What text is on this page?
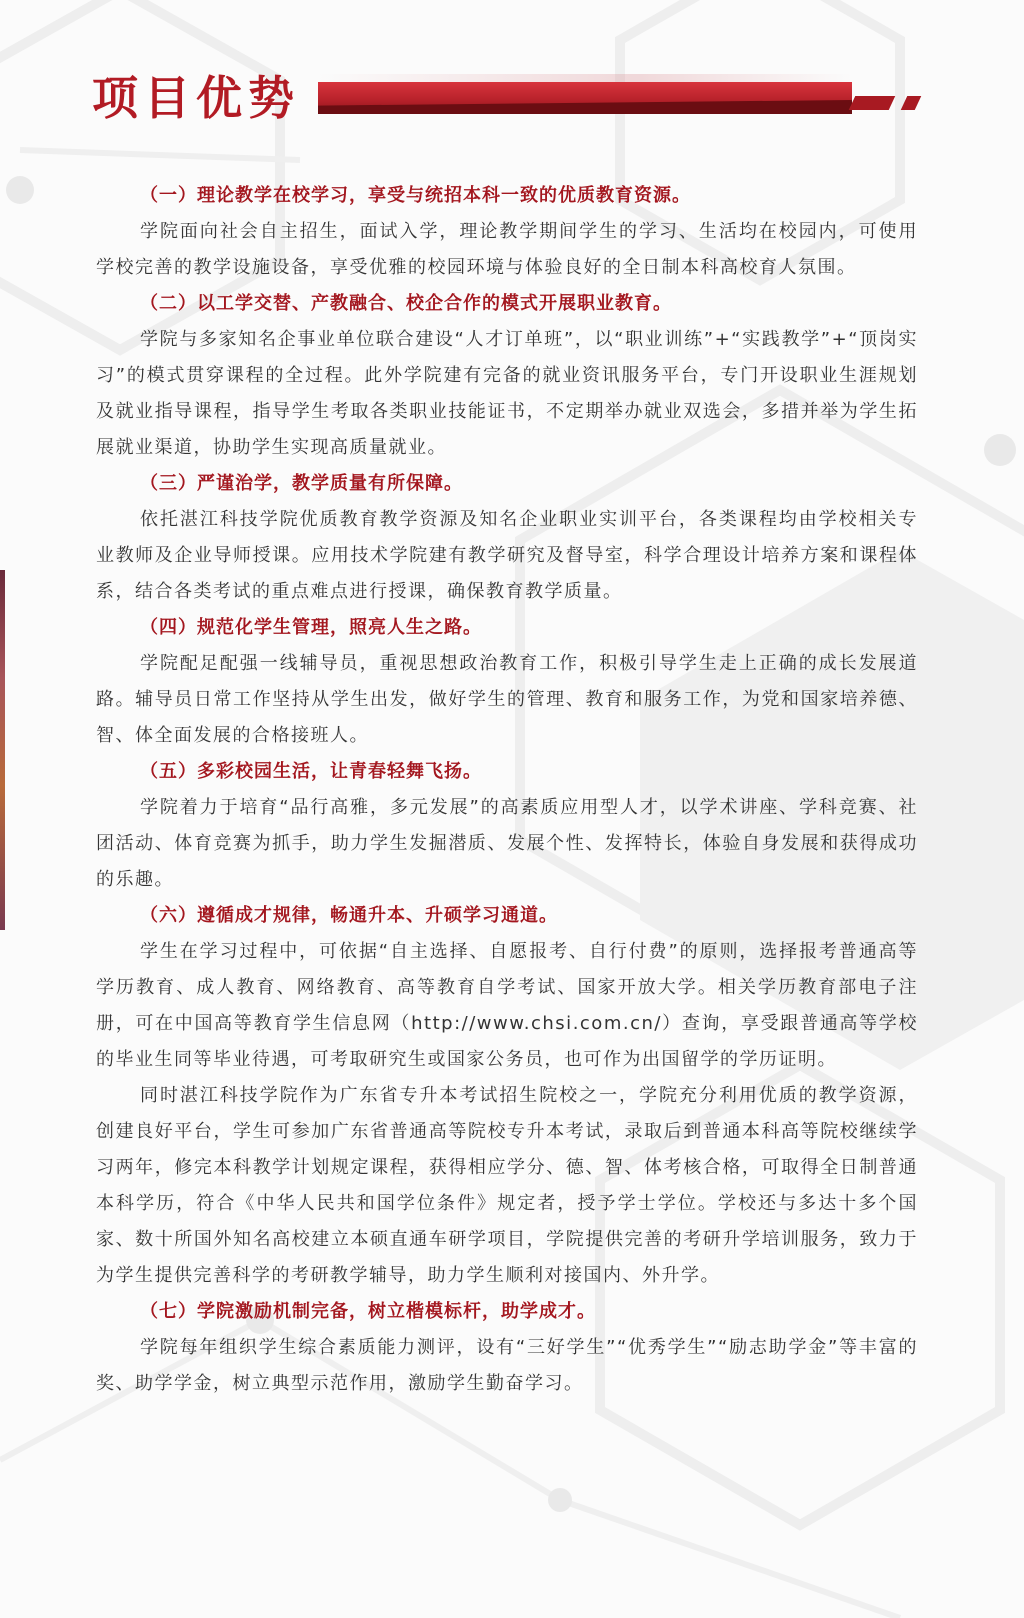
项目优势

（一）理论教学在校学习，享受与统招本科一致的优质教育资源。

学院面向社会自主招生，面试入学，理论教学期间学生的学习、生活均在校园内，可使用学校完善的教学设施设备，享受优雅的校园环境与体验良好的全日制本科高校育人氛围。

（二）以工学交替、产教融合、校企合作的模式开展职业教育。

学院与多家知名企事业单位联合建设“人才订单班”，以“职业训练”+“实践教学”+“顶岗实习”的模式贯穿课程的全过程。此外学院建有完备的就业资讯服务平台，专门开设职业生涯规划及就业指导课程，指导学生考取各类职业技能证书，不定期举办就业双选会，多措并举为学生拓展就业渠道，协助学生实现高质量就业。

（三）严谨治学，教学质量有所保障。

依托湛江科技学院优质教育教学资源及知名企业职业实训平台，各类课程均由学校相关专业教师及企业导师授课。应用技术学院建有教学研究及督导室，科学合理设计培养方案和课程体系，结合各类考试的重点难点进行授课，确保教育教学质量。

（四）规范化学生管理，照亮人生之路。

学院配足配强一线辅导员，重视思想政治教育工作，积极引导学生走上正确的成长发展道路。辅导员日常工作坚持从学生出发，做好学生的管理、教育和服务工作，为党和国家培养德、智、体全面发展的合格接班人。

（五）多彩校园生活，让青春轻舞飞扬。

学院着力于培育“品行高雅，多元发展”的高素质应用型人才，以学术讲座、学科竞赛、社团活动、体育竞赛为抓手，助力学生发掘潜质、发展个性、发挥特长，体验自身发展和获得成功的乐趣。

（六）遵循成才规律，畅通升本、升硕学习通道。

学生在学习过程中，可依据“自主选择、自愿报考、自行付费”的原则，选择报考普通高等学历教育、成人教育、网络教育、高等教育自学考试、国家开放大学。相关学历教育部电子注册，可在中国高等教育学生信息网（http://www.chsi.com.cn/）查询，享受跟普通高等学校的毕业生同等毕业待遇，可考取研究生或国家公务员，也可作为出国留学的学历证明。

同时湛江科技学院作为广东省专升本考试招生院校之一，学院充分利用优质的教学资源，创建良好平台，学生可参加广东省普通高等院校专升本考试，录取后到普通本科高等院校继续学习两年，修完本科教学计划规定课程，获得相应学分、德、智、体考核合格，可取得全日制普通本科学历，符合《中华人民共和国学位条件》规定者，授予学士学位。学校还与多达十多个国家、数十所国外知名高校建立本硕直通车研学项目，学院提供完善的考研升学培训服务，致力于为学生提供完善科学的考研教学辅导，助力学生顺利对接国内、外升学。

（七）学院激励机制完备，树立楷模标杆，助学成才。

学院每年组织学生综合素质能力测评，设有“三好学生”“优秀学生”“励志助学金”等丰富的奖、助学学金，树立典型示范作用，激励学生勤奋学习。
